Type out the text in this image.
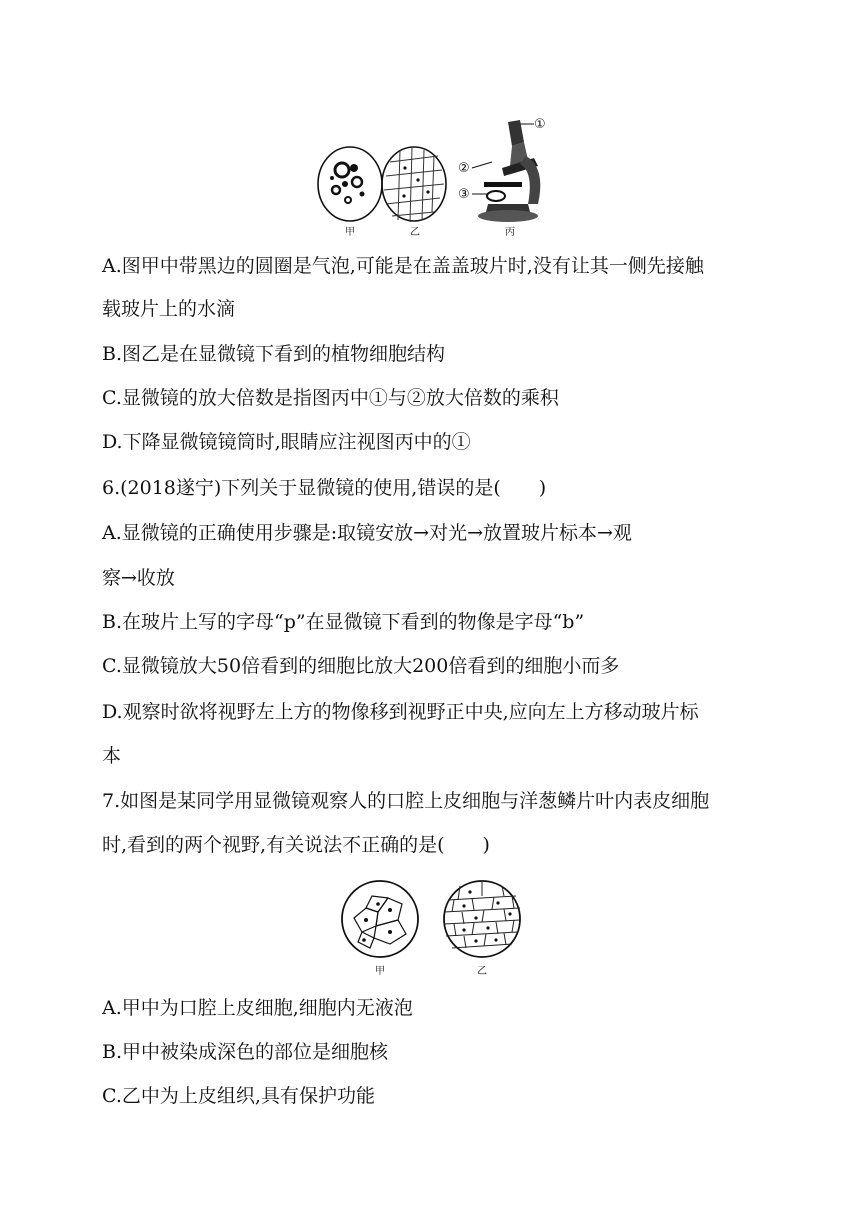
①
②
③
甲	乙	丙
A.图甲中带黑边的圆圈是气泡,可能是在盖盖玻片时,没有让其一侧先接触
载玻片上的水滴
B.图乙是在显微镜下看到的植物细胞结构
C.显微镜的放大倍数是指图丙中①与②放大倍数的乘积
D.下降显微镜镜筒时,眼睛应注视图丙中的①
6.(2018遂宁)下列关于显微镜的使用,错误的是(　　)
A.显微镜的正确使用步骤是:取镜安放→对光→放置玻片标本→观
察→收放
B.在玻片上写的字母“p”在显微镜下看到的物像是字母“b”
C.显微镜放大50倍看到的细胞比放大200倍看到的细胞小而多
D.观察时欲将视野左上方的物像移到视野正中央,应向左上方移动玻片标
本
7.如图是某同学用显微镜观察人的口腔上皮细胞与洋葱鳞片叶内表皮细胞
时,看到的两个视野,有关说法不正确的是(　　)
甲	乙
A.甲中为口腔上皮细胞,细胞内无液泡
B.甲中被染成深色的部位是细胞核
C.乙中为上皮组织,具有保护功能
